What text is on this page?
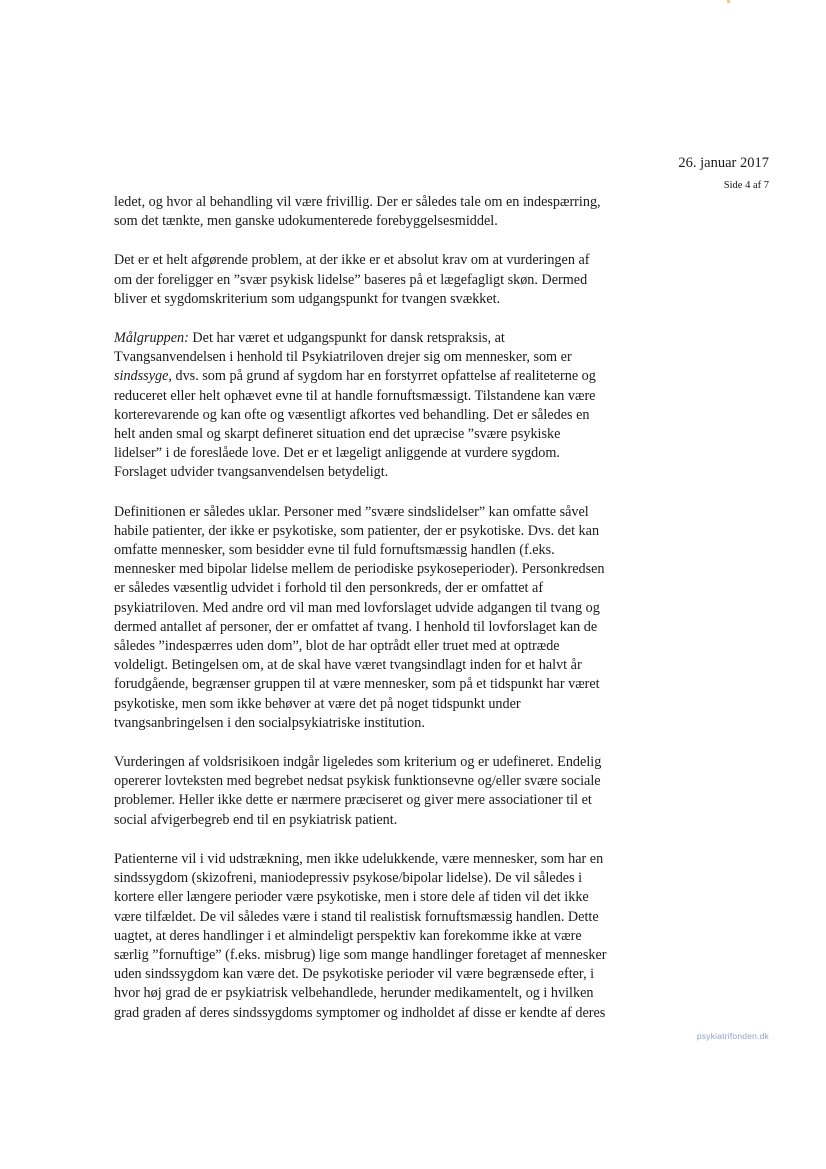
26. januar 2017
Side 4 af 7

ledet, og hvor al behandling vil være frivillig. Der er således tale om en indespærring,
som det tænkte, men ganske udokumenterede forebyggelsesmiddel.

Det er et helt afgørende problem, at der ikke er et absolut krav om at vurderingen af
om der foreligger en ”svær psykisk lidelse” baseres på et lægefagligt skøn. Dermed
bliver et sygdomskriterium som udgangspunkt for tvangen svækket.

Målgruppen: Det har været et udgangspunkt for dansk retspraksis, at
Tvangsanvendelsen i henhold til Psykiatriloven drejer sig om mennesker, som er
sindssyge, dvs. som på grund af sygdom har en forstyrret opfattelse af realiteterne og
reduceret eller helt ophævet evne til at handle fornuftsmæssigt. Tilstandene kan være
korterevarende og kan ofte og væsentligt afkortes ved behandling. Det er således en
helt anden smal og skarpt defineret situation end det upræcise ”svære psykiske
lidelser” i de foreslåede love. Det er et lægeligt anliggende at vurdere sygdom.
Forslaget udvider tvangsanvendelsen betydeligt.

Definitionen er således uklar. Personer med ”svære sindslidelser” kan omfatte såvel
habile patienter, der ikke er psykotiske, som patienter, der er psykotiske. Dvs. det kan
omfatte mennesker, som besidder evne til fuld fornuftsmæssig handlen (f.eks.
mennesker med bipolar lidelse mellem de periodiske psykoseperioder). Personkredsen
er således væsentlig udvidet i forhold til den personkreds, der er omfattet af
psykiatriloven. Med andre ord vil man med lovforslaget udvide adgangen til tvang og
dermed antallet af personer, der er omfattet af tvang. I henhold til lovforslaget kan de
således ”indespærres uden dom”, blot de har optrådt eller truet med at optræde
voldeligt. Betingelsen om, at de skal have været tvangsindlagt inden for et halvt år
forudgående, begrænser gruppen til at være mennesker, som på et tidspunkt har været
psykotiske, men som ikke behøver at være det på noget tidspunkt under
tvangsanbringelsen i den socialpsykiatriske institution.

Vurderingen af voldsrisikoen indgår ligeledes som kriterium og er udefineret. Endelig
opererer lovteksten med begrebet nedsat psykisk funktionsevne og/eller svære sociale
problemer. Heller ikke dette er nærmere præciseret og giver mere associationer til et
social afvigerbegreb end til en psykiatrisk patient.

Patienterne vil i vid udstrækning, men ikke udelukkende, være mennesker, som har en
sindssygdom (skizofreni, maniodepressiv psykose/bipolar lidelse). De vil således i
kortere eller længere perioder være psykotiske, men i store dele af tiden vil det ikke
være tilfældet. De vil således være i stand til realistisk fornuftsmæssig handlen. Dette
uagtet, at deres handlinger i et almindeligt perspektiv kan forekomme ikke at være
særlig ”fornuftige” (f.eks. misbrug) lige som mange handlinger foretaget af mennesker
uden sindssygdom kan være det. De psykotiske perioder vil være begrænsede efter, i
hvor høj grad de er psykiatrisk velbehandlede, herunder medikamentelt, og i hvilken
grad graden af deres sindssygdoms symptomer og indholdet af disse er kendte af deres

psykiatrifonden.dk
